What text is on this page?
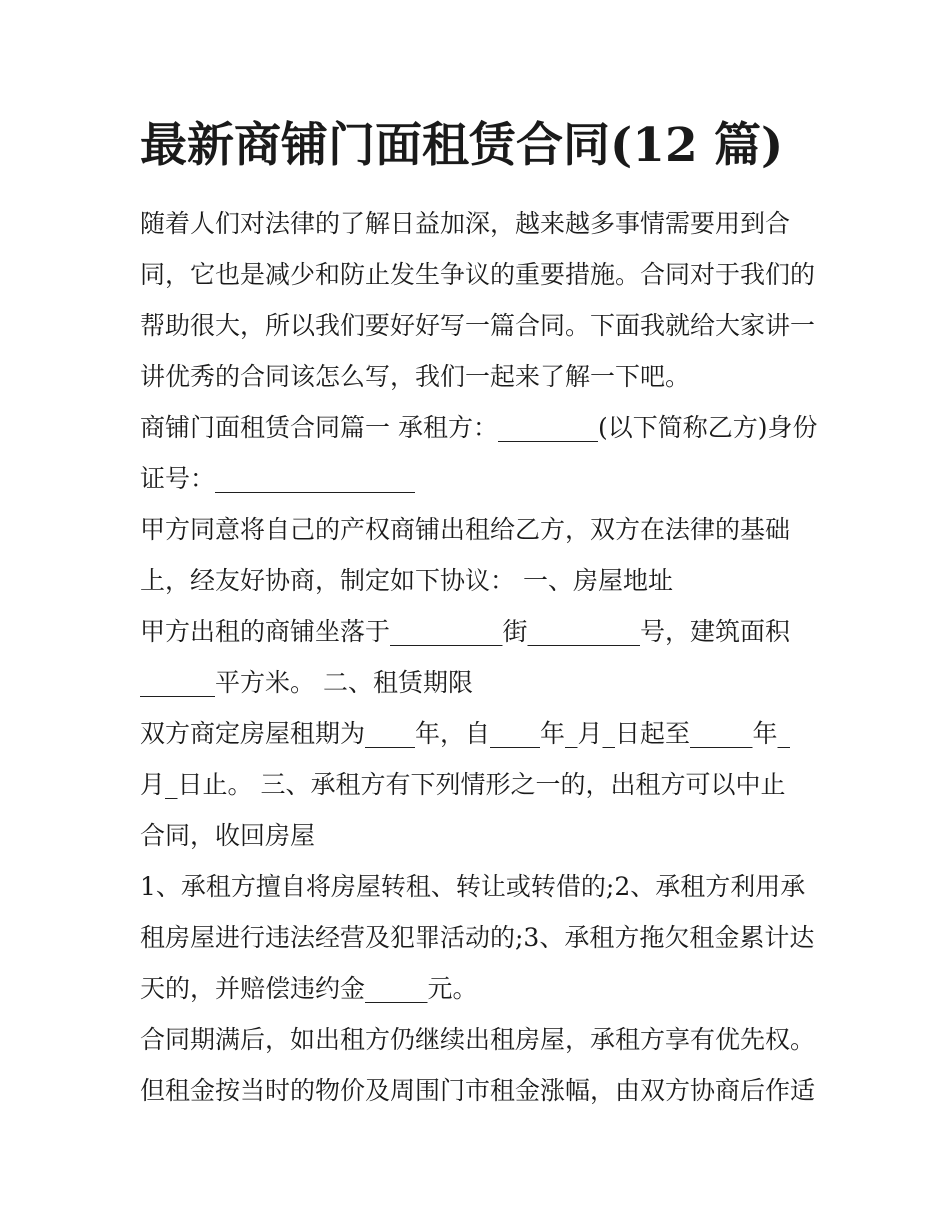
最新商铺门面租赁合同(12 篇)
随着人们对法律的了解日益加深，越来越多事情需要用到合
同，它也是减少和防止发生争议的重要措施。合同对于我们的
帮助很大，所以我们要好好写一篇合同。下面我就给大家讲一
讲优秀的合同该怎么写，我们一起来了解一下吧。
商铺门面租赁合同篇一 承租方：________(以下简称乙方)身份
证号：________________
甲方同意将自己的产权商铺出租给乙方，双方在法律的基础
上，经友好协商，制定如下协议： 一、房屋地址
甲方出租的商铺坐落于_________街_________号，建筑面积
______平方米。 二、租赁期限
双方商定房屋租期为____年，自____年_月_日起至_____年_
月_日止。 三、承租方有下列情形之一的，出租方可以中止
合同，收回房屋
1、承租方擅自将房屋转租、转让或转借的;2、承租方利用承
租房屋进行违法经营及犯罪活动的;3、承租方拖欠租金累计达
天的，并赔偿违约金_____元。
合同期满后，如出租方仍继续出租房屋，承租方享有优先权。
但租金按当时的物价及周围门市租金涨幅，由双方协商后作适
